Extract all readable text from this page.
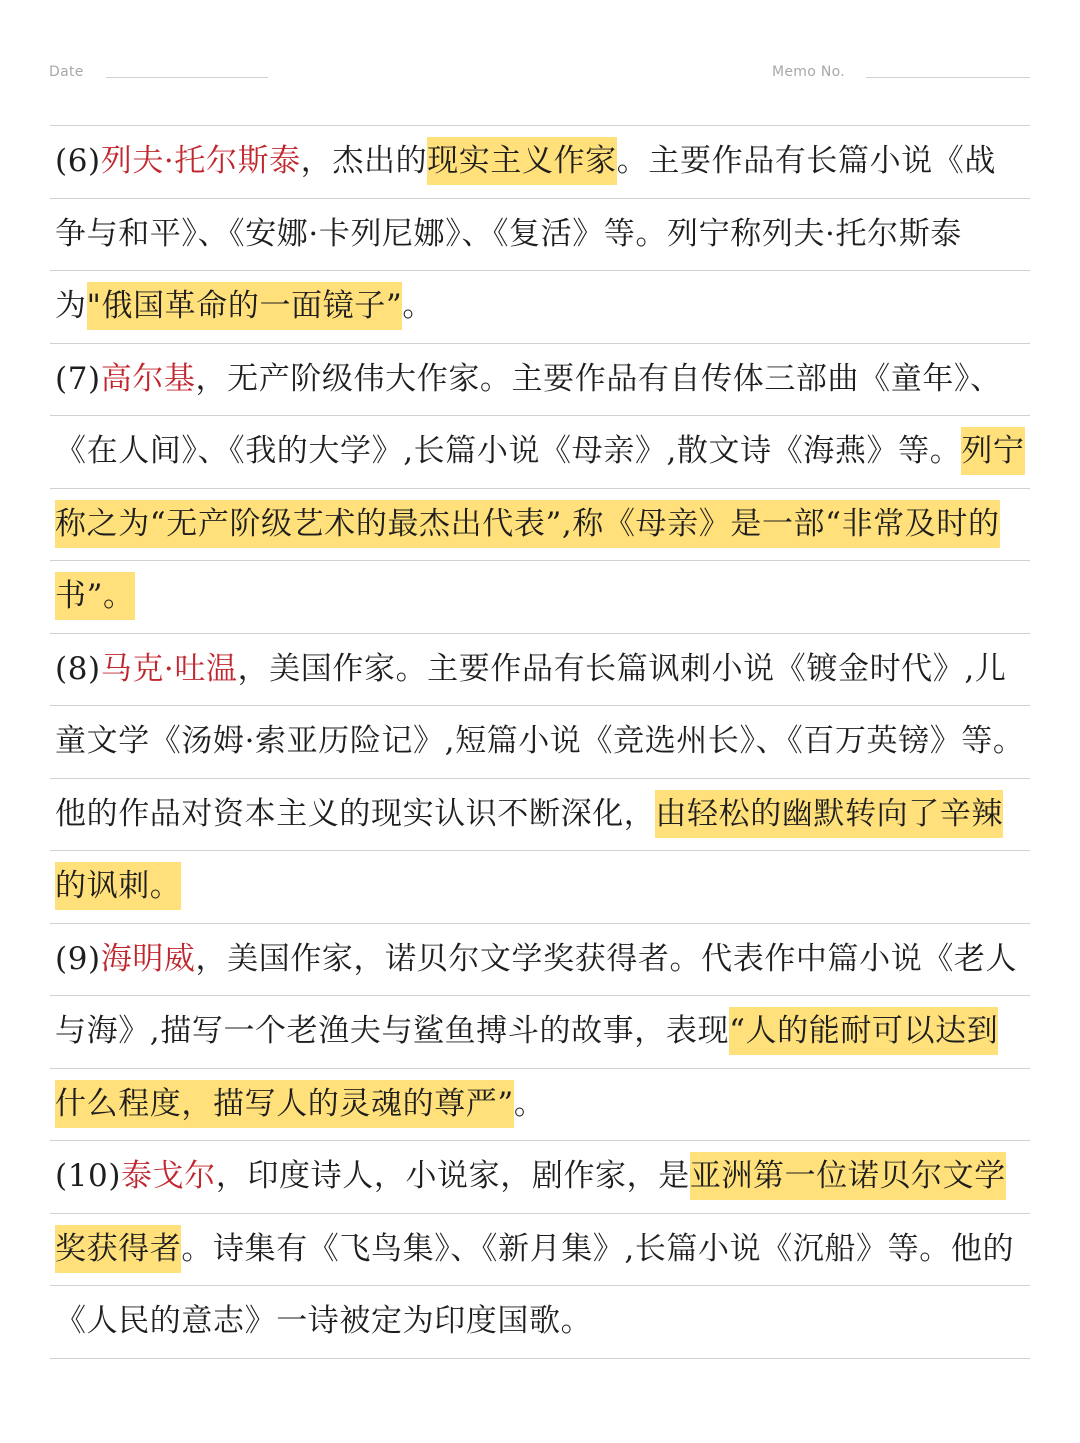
Date	Memo No.

(6)列夫·托尔斯泰，杰出的现实主义作家。主要作品有长篇小说《战争与和平》、《安娜·卡列尼娜》、《复活》等。列宁称列夫·托尔斯泰为"俄国革命的一面镜子”。

(7)高尔基，无产阶级伟大作家。主要作品有自传体三部曲《童年》、《在人间》、《我的大学》,长篇小说《母亲》,散文诗《海燕》等。列宁称之为“无产阶级艺术的最杰出代表”,称《母亲》是一部“非常及时的书”。

(8)马克·吐温，美国作家。主要作品有长篇讽刺小说《镀金时代》,儿童文学《汤姆·索亚历险记》,短篇小说《竞选州长》、《百万英镑》等。他的作品对资本主义的现实认识不断深化，由轻松的幽默转向了辛辣的讽刺。

(9)海明威，美国作家，诺贝尔文学奖获得者。代表作中篇小说《老人与海》,描写一个老渔夫与鲨鱼搏斗的故事，表现“人的能耐可以达到什么程度，描写人的灵魂的尊严”。

(10)泰戈尔，印度诗人，小说家，剧作家，是亚洲第一位诺贝尔文学奖获得者。诗集有《飞鸟集》、《新月集》,长篇小说《沉船》等。他的《人民的意志》一诗被定为印度国歌。
